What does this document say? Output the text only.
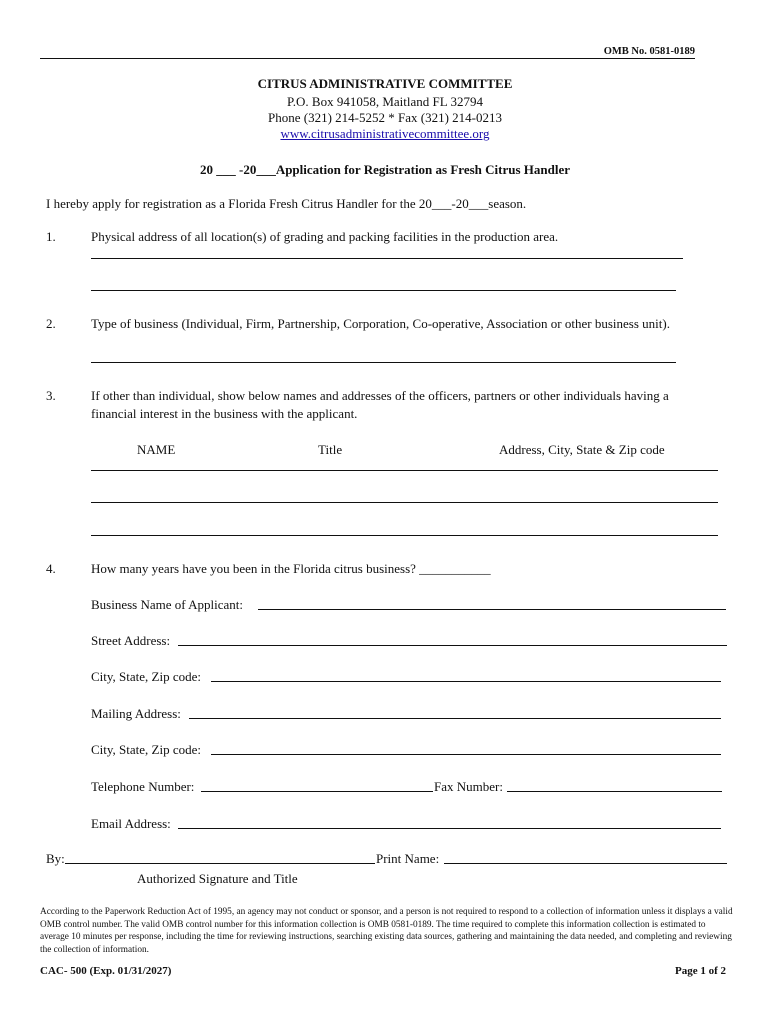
OMB No. 0581-0189
CITRUS ADMINISTRATIVE COMMITTEE
P.O. Box 941058, Maitland FL 32794
Phone (321) 214-5252 * Fax (321) 214-0213
www.citrusadministrativecommittee.org
20 ___ -20___Application for Registration as Fresh Citrus Handler
I hereby apply for registration as a Florida Fresh Citrus Handler for the 20___-20___season.
1.	Physical address of all location(s) of grading and packing facilities in the production area.
2.	Type of business (Individual, Firm, Partnership, Corporation, Co-operative, Association or other business unit).
3.	If other than individual, show below names and addresses of the officers, partners or other individuals having a
financial interest in the business with the applicant.
NAME	Title	Address, City, State & Zip code
4.	How many years have you been in the Florida citrus business? ___________
Business Name of Applicant:
Street Address:
City, State, Zip code:
Mailing Address:
City, State, Zip code:
Telephone Number:	Fax Number:
Email Address:
By:	Print Name:
Authorized Signature and Title
According to the Paperwork Reduction Act of 1995, an agency may not conduct or sponsor, and a person is not required to respond to a collection of information unless it displays a valid OMB control number. The valid OMB control number for this information collection is OMB 0581-0189. The time required to complete this information collection is estimated to average 10 minutes per response, including the time for reviewing instructions, searching existing data sources, gathering and maintaining the data needed, and completing and reviewing the collection of information.
CAC- 500 (Exp. 01/31/2027)	Page 1 of 2
